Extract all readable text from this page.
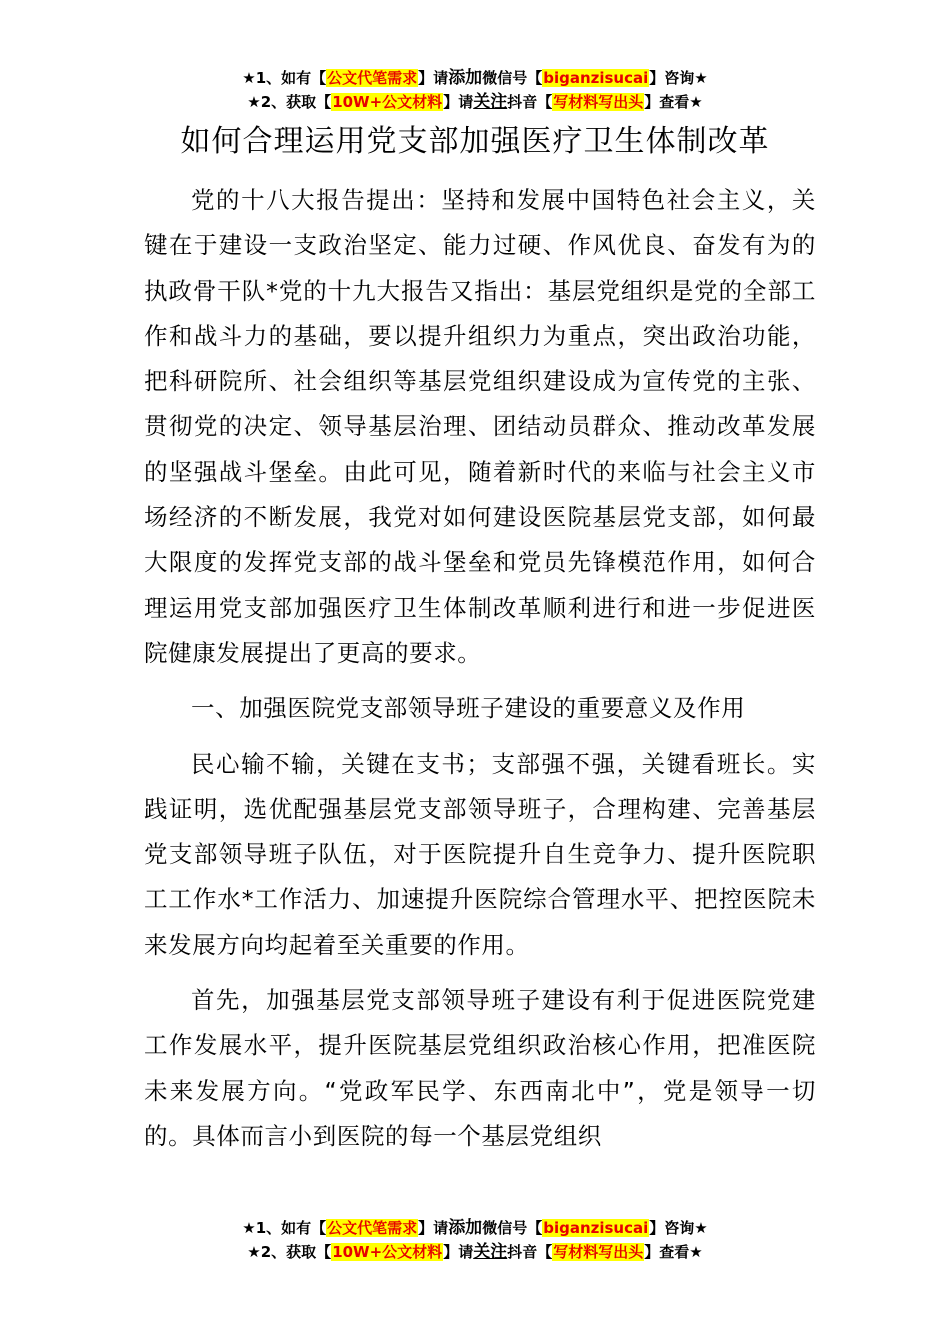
★1、如有【公文代笔需求】请添加微信号【biganzisucai】咨询★
★2、获取【10W+公文材料】请关注抖音【写材料写出头】查看★
如何合理运用党支部加强医疗卫生体制改革

党的十八大报告提出：坚持和发展中国特色社会主义，关键在于建设一支政治坚定、能力过硬、作风优良、奋发有为的执政骨干队*党的十九大报告又指出：基层党组织是党的全部工作和战斗力的基础，要以提升组织力为重点，突出政治功能，把科研院所、社会组织等基层党组织建设成为宣传党的主张、贯彻党的决定、领导基层治理、团结动员群众、推动改革发展的坚强战斗堡垒。由此可见，随着新时代的来临与社会主义市场经济的不断发展，我党对如何建设医院基层党支部，如何最大限度的发挥党支部的战斗堡垒和党员先锋模范作用，如何合理运用党支部加强医疗卫生体制改革顺利进行和进一步促进医院健康发展提出了更高的要求。

一、加强医院党支部领导班子建设的重要意义及作用

民心输不输，关键在支书；支部强不强，关键看班长。实践证明，选优配强基层党支部领导班子，合理构建、完善基层党支部领导班子队伍，对于医院提升自生竞争力、提升医院职工工作水*工作活力、加速提升医院综合管理水平、把控医院未来发展方向均起着至关重要的作用。

首先，加强基层党支部领导班子建设有利于促进医院党建工作发展水平，提升医院基层党组织政治核心作用，把准医院未来发展方向。“党政军民学、东西南北中”，党是领导一切的。具体而言小到医院的每一个基层党组织

★1、如有【公文代笔需求】请添加微信号【biganzisucai】咨询★
★2、获取【10W+公文材料】请关注抖音【写材料写出头】查看★
